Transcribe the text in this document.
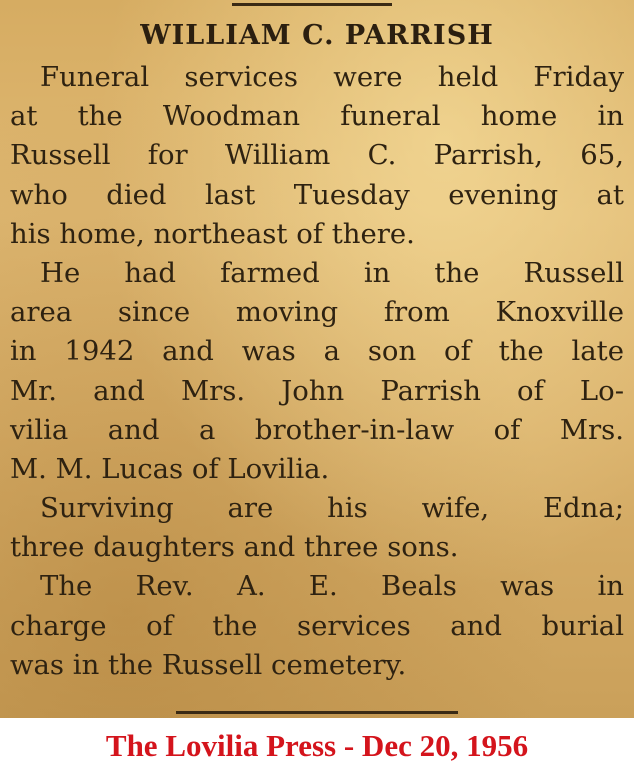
WILLIAM C. PARRISH
Funeral services were held Friday
at the Woodman funeral home in
Russell for William C. Parrish, 65,
who died last Tuesday evening at
his home, northeast of there.
He had farmed in the Russell
area since moving from Knoxville
in 1942 and was a son of the late
Mr. and Mrs. John Parrish of Lo-
vilia and a brother-in-law of Mrs.
M. M. Lucas of Lovilia.
Surviving are his wife, Edna;
three daughters and three sons.
The Rev. A. E. Beals was in
charge of the services and burial
was in the Russell cemetery.
The Lovilia Press - Dec 20, 1956
